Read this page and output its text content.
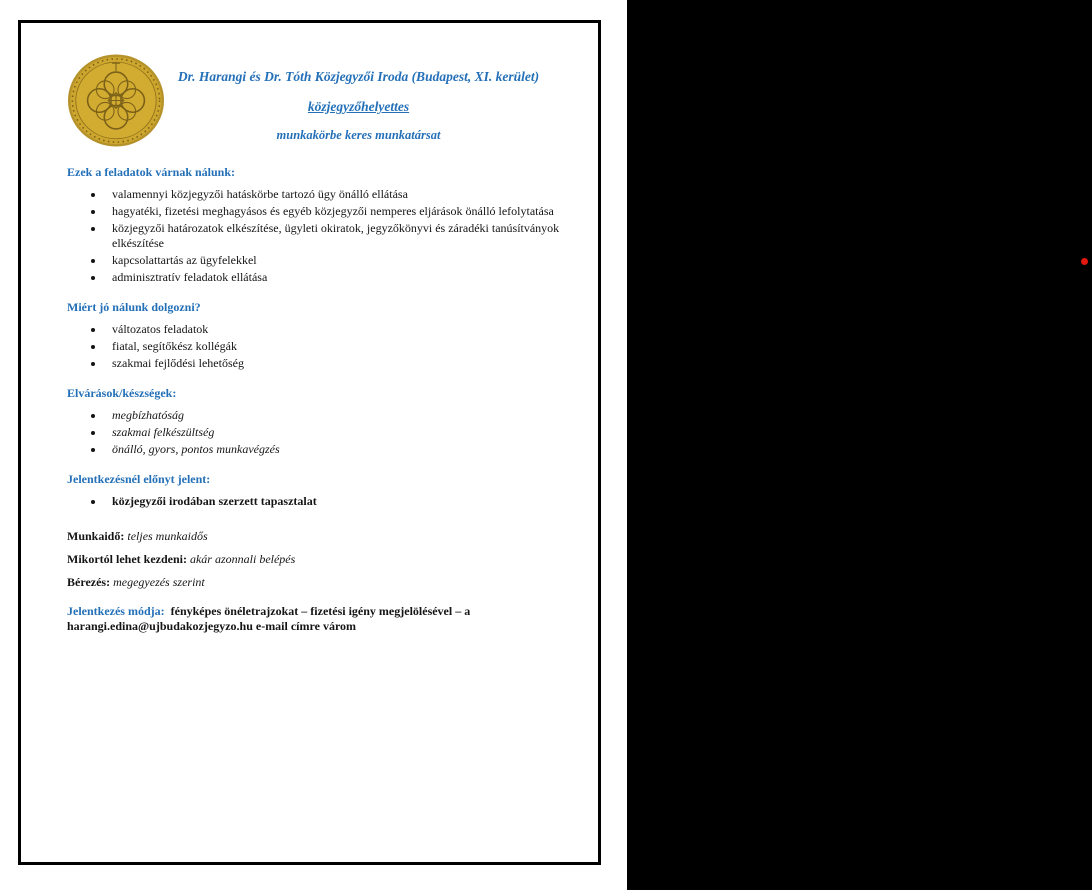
Dr. Harangi és Dr. Tóth Közjegyzői Iroda (Budapest, XI. kerület)
közjegyzőhelyettes
munkakörbe keres munkatársat

Ezek a feladatok várnak nálunk:

• valamennyi közjegyzői hatáskörbe tartozó ügy önálló ellátása
• hagyatéki, fizetési meghagyásos és egyéb közjegyzői nemperes eljárások önálló lefolytatása
• közjegyzői határozatok elkészítése, ügyleti okiratok, jegyzőkönyvi és záradéki tanúsítványok elkészítése
• kapcsolattartás az ügyfelekkel
• adminisztratív feladatok ellátása

Miért jó nálunk dolgozni?

• változatos feladatok
• fiatal, segítőkész kollégák
• szakmai fejlődési lehetőség

Elvárások/készségek:

• megbízhatóság
• szakmai felkészültség
• önálló, gyors, pontos munkavégzés

Jelentkezésnél előnyt jelent:

• közjegyzői irodában szerzett tapasztalat

Munkaidő: teljes munkaidős

Mikortól lehet kezdeni: akár azonnali belépés

Bérezés: megegyezés szerint

Jelentkezés módja: fényképes önéletrajzokat – fizetési igény megjelölésével – a harangi.edina@ujbudakozjegyzo.hu e-mail címre várom
